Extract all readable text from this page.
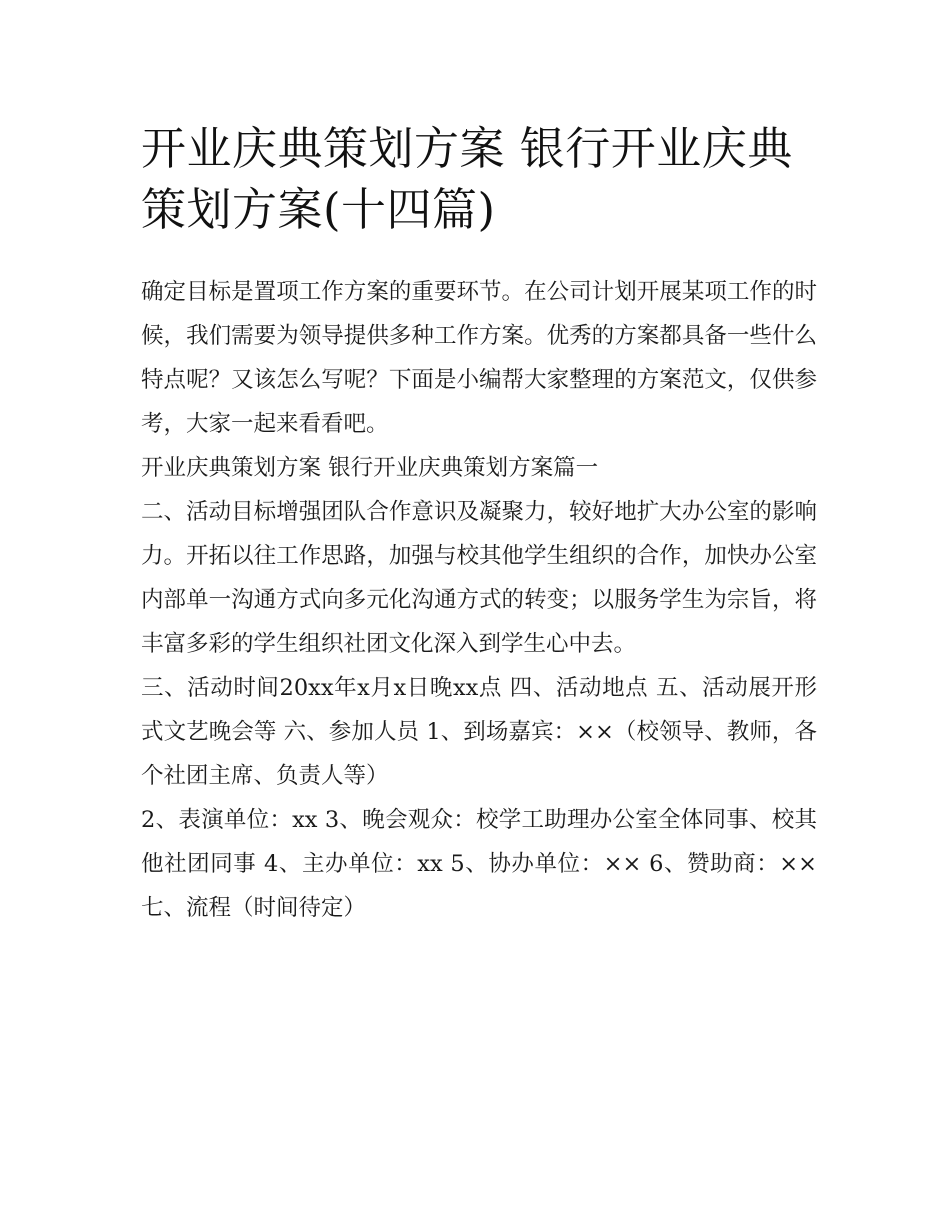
开业庆典策划方案 银行开业庆典策划方案(十四篇)

确定目标是置项工作方案的重要环节。在公司计划开展某项工作的时候，我们需要为领导提供多种工作方案。优秀的方案都具备一些什么特点呢？又该怎么写呢？下面是小编帮大家整理的方案范文，仅供参考，大家一起来看看吧。

开业庆典策划方案 银行开业庆典策划方案篇一

二、活动目标增强团队合作意识及凝聚力，较好地扩大办公室的影响力。开拓以往工作思路，加强与校其他学生组织的合作，加快办公室内部单一沟通方式向多元化沟通方式的转变；以服务学生为宗旨，将丰富多彩的学生组织社团文化深入到学生心中去。

三、活动时间20xx年x月x日晚xx点 四、活动地点 五、活动展开形式文艺晚会等 六、参加人员 1、到场嘉宾：××（校领导、教师，各个社团主席、负责人等）

2、表演单位：xx 3、晚会观众：校学工助理办公室全体同事、校其他社团同事 4、主办单位：xx 5、协办单位：×× 6、赞助商：×× 七、流程（时间待定）
